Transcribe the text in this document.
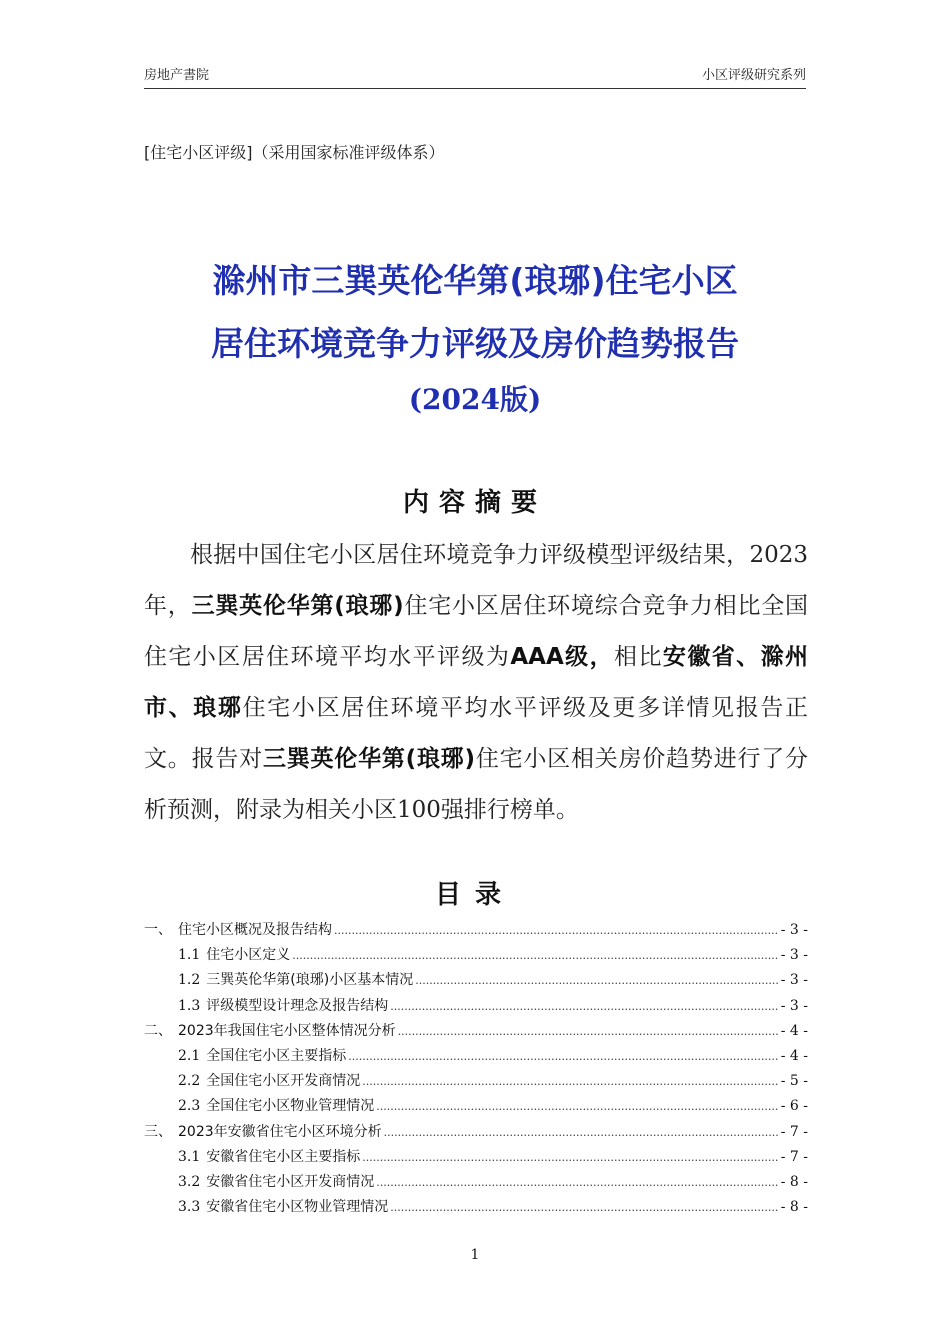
房地产書院	小区评级研究系列
[住宅小区评级]（采用国家标准评级体系）
滁州市三巽英伦华第(琅琊)住宅小区
居住环境竞争力评级及房价趋势报告
(2024版)
内容摘要

根据中国住宅小区居住环境竞争力评级模型评级结果，2023年，三巽英伦华第(琅琊)住宅小区居住环境综合竞争力相比全国住宅小区居住环境平均水平评级为AAA级，相比安徽省、滁州市、琅琊住宅小区居住环境平均水平评级及更多详情见报告正文。报告对三巽英伦华第(琅琊)住宅小区相关房价趋势进行了分析预测，附录为相关小区100强排行榜单。

目录
一、 住宅小区概况及报告结构 .....	- 3 -
1.1 住宅小区定义 .....	- 3 -
1.2 三巽英伦华第(琅琊)小区基本情况 .....	- 3 -
1.3 评级模型设计理念及报告结构 .....	- 3 -
二、 2023年我国住宅小区整体情况分析 .....	- 4 -
2.1 全国住宅小区主要指标 .....	- 4 -
2.2 全国住宅小区开发商情况 .....	- 5 -
2.3 全国住宅小区物业管理情况 .....	- 6 -
三、 2023年安徽省住宅小区环境分析 .....	- 7 -
3.1 安徽省住宅小区主要指标 .....	- 7 -
3.2 安徽省住宅小区开发商情况 .....	- 8 -
3.3 安徽省住宅小区物业管理情况 .....	- 8 -
1
